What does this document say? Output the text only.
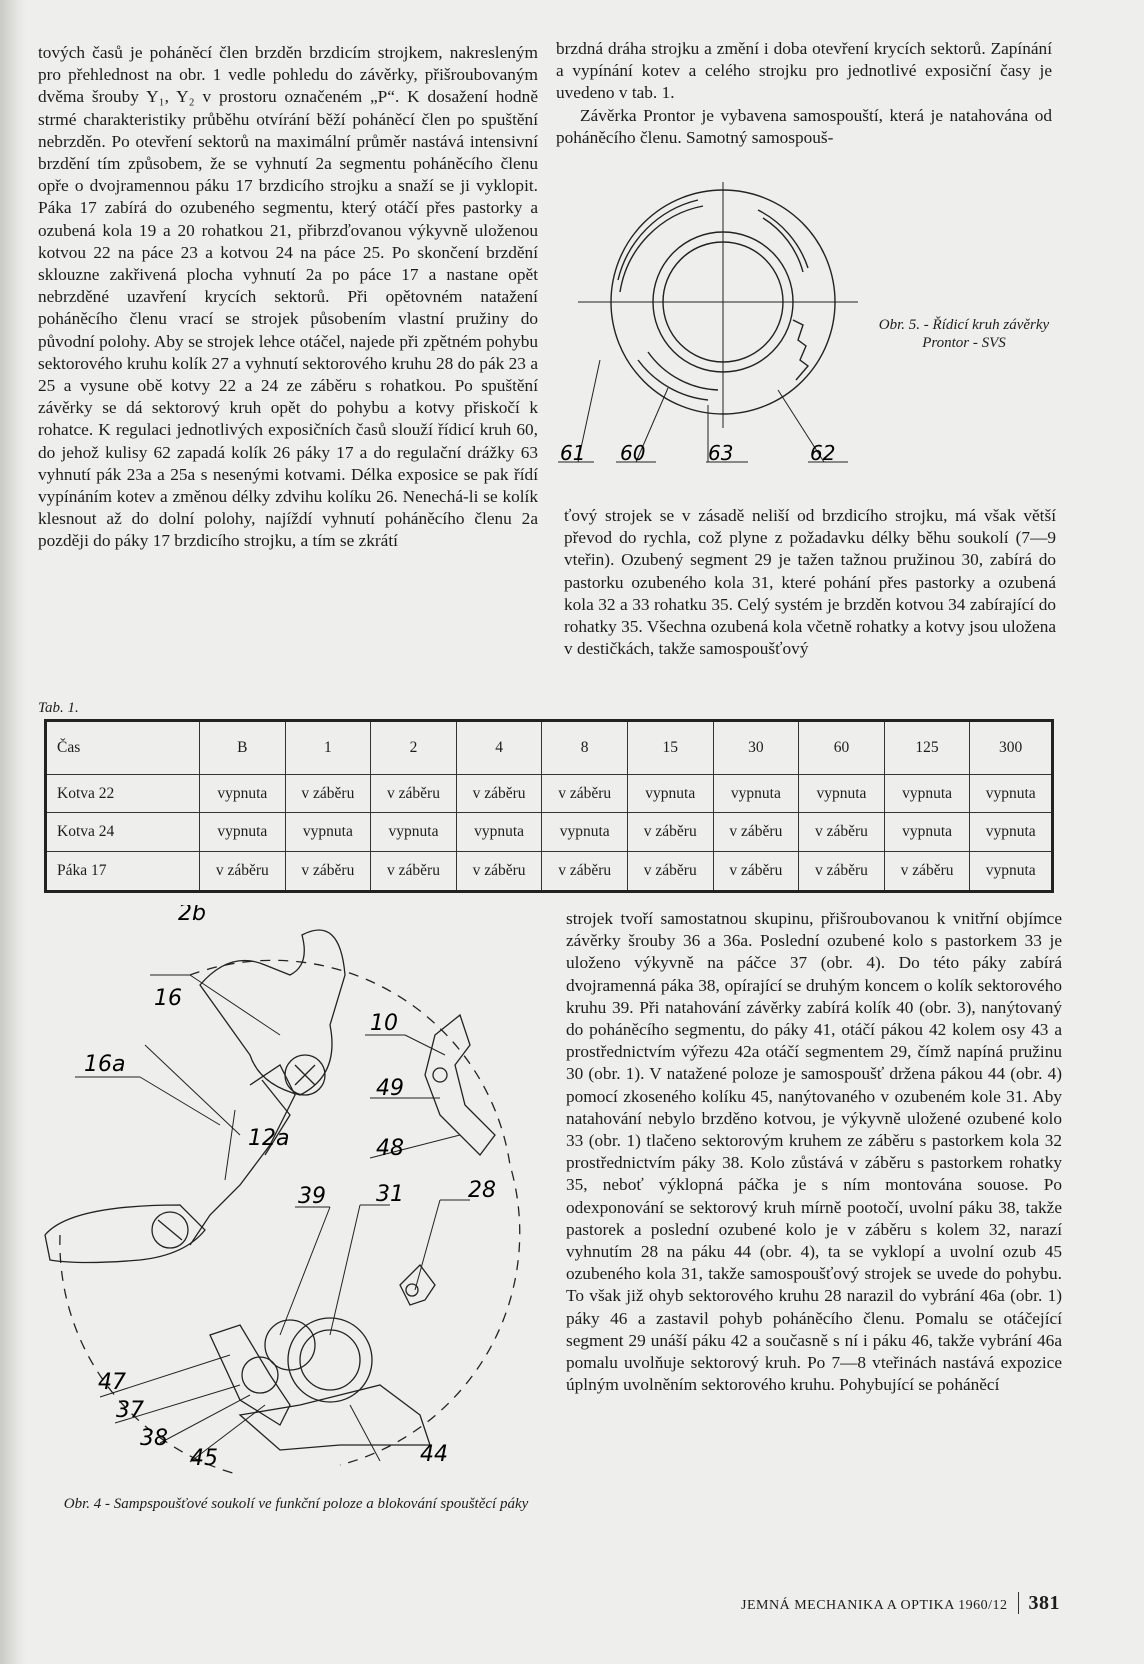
tových časů je poháněcí člen brzděn brzdicím strojkem, nakresleným pro přehlednost na obr. 1 vedle pohledu do závěrky, přišroubovaným dvěma šrouby Y₁, Y₂ v prostoru označeném „P“. K dosažení hodně strmé charakteristiky průběhu otvírání běží poháněcí člen po spuštění nebrzděn. Po otevření sektorů na maximální průměr nastává intensivní brzdění tím způsobem, že se vyhnutí 2a segmentu poháněcího členu opře o dvojramennou páku 17 brzdicího strojku a snaží se ji vyklopit. Páka 17 zabírá do ozubeného segmentu, který otáčí přes pastorky a ozubená kola 19 a 20 rohatkou 21, přibrzďovanou výkyvně uloženou kotvou 22 na páce 23 a kotvou 24 na páce 25. Po skončení brzdění sklouzne zakřivená plocha vyhnutí 2a po páce 17 a nastane opět nebrzděné uzavření krycích sektorů. Při opětovném natažení poháněcího členu vrací se strojek působením vlastní pružiny do původní polohy. Aby se strojek lehce otáčel, najede při zpětném pohybu sektorového kruhu kolík 27 a vyhnutí sektorového kruhu 28 do pák 23 a 25 a vysune obě kotvy 22 a 24 ze záběru s rohatkou. Po spuštění závěrky se dá sektorový kruh opět do pohybu a kotvy přiskočí k rohatce. K regulaci jednotlivých exposičních časů slouží řídicí kruh 60, do jehož kulisy 62 zapadá kolík 26 páky 17 a do regulační drážky 63 vyhnutí pák 23a a 25a s nesenými kotvami. Délka exposice se pak řídí vypínáním kotev a změnou délky zdvihu kolíku 26. Nenechá-li se kolík klesnout až do dolní polohy, najíždí vyhnutí poháněcího členu 2a později do páky 17 brzdicího strojku, a tím se zkrátí

brzdná dráha strojku a změní i doba otevření krycích sektorů. Zapínání a vypínání kotev a celého strojku pro jednotlivé exposiční časy je uvedeno v tab. 1.

Závěrka Prontor je vybavena samospouští, která je natahována od poháněcího členu. Samotný samospouš-

61 60	63	62
Obr. 5. - Řídicí kruh závěrky Prontor - SVS

ťový strojek se v zásadě neliší od brzdicího strojku, má však větší převod do rychla, což plyne z požadavku délky běhu soukolí (7—9 vteřin). Ozubený segment 29 je tažen tažnou pružinou 30, zabírá do pastorku ozubeného kola 31, které pohání přes pastorky a ozubená kola 32 a 33 rohatku 35. Celý systém je brzděn kotvou 34 zabírající do rohatky 35. Všechna ozubená kola včetně rohatky a kotvy jsou uložena v destičkách, takže samospoušťový

Tab. 1.
Čas	B	1	2	4	8	15	30	60	125	300
Kotva 22	vypnuta	v záběru	v záběru	v záběru	v záběru	vypnuta	vypnuta	vypnuta	vypnuta	vypnuta
Kotva 24	vypnuta	vypnuta	vypnuta	vypnuta	vypnuta	v záběru	v záběru	v záběru	vypnuta	vypnuta
Páka 17	v záběru	v záběru	v záběru	v záběru	v záběru	v záběru	v záběru	v záběru	v záběru	vypnuta
2b
16
16a
12a
10
49
48
39 31	28
47
37
38
45	44
Obr. 4 - Sampspoušťové soukolí ve funkční poloze a blokování spouštěcí páky

strojek tvoří samostatnou skupinu, přišroubovanou k vnitřní objímce závěrky šrouby 36 a 36a. Poslední ozubené kolo s pastorkem 33 je uloženo výkyvně na páčce 37 (obr. 4). Do této páky zabírá dvojramenná páka 38, opírající se druhým koncem o kolík sektorového kruhu 39. Při natahování závěrky zabírá kolík 40 (obr. 3), nanýtovaný do poháněcího segmentu, do páky 41, otáčí pákou 42 kolem osy 43 a prostřednictvím výřezu 42a otáčí segmentem 29, čímž napíná pružinu 30 (obr. 1). V natažené poloze je samospoušť držena pákou 44 (obr. 4) pomocí zkoseného kolíku 45, nanýtovaného v ozubeném kole 31. Aby natahování nebylo brzděno kotvou, je výkyvně uložené ozubené kolo 33 (obr. 1) tlačeno sektorovým kruhem ze záběru s pastorkem kola 32 prostřednictvím páky 38. Kolo zůstává v záběru s pastorkem rohatky 35, neboť výklopná páčka je s ním montována souose. Po odexponování se sektorový kruh mírně pootočí, uvolní páku 38, takže pastorek a poslední ozubené kolo je v záběru s kolem 32, narazí vyhnutím 28 na páku 44 (obr. 4), ta se vyklopí a uvolní ozub 45 ozubeného kola 31, takže samospoušťový strojek se uvede do pohybu. To však již ohyb sektorového kruhu 28 narazil do vybrání 46a (obr. 1) páky 46 a zastavil pohyb poháněcího členu. Pomalu se otáčející segment 29 unáší páku 42 a současně s ní i páku 46, takže vybrání 46a pomalu uvolňuje sektorový kruh. Po 7—8 vteřinách nastává expozice úplným uvolněním sektorového kruhu. Pohybující se poháněcí

JEMNÁ MECHANIKA A OPTIKA 1960/12 381
